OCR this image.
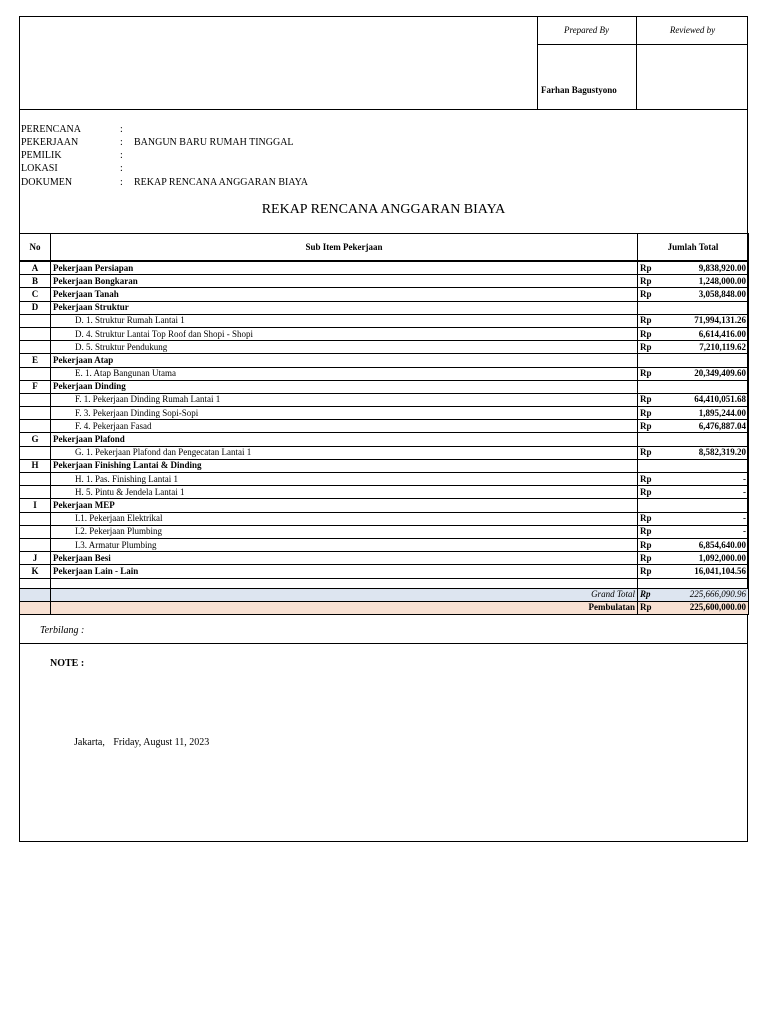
Prepared By	Reviewed by
Farhan Bagustyono
PERENCANA	:
PEKERJAAN	: BANGUN BARU RUMAH TINGGAL
PEMILIK	:
LOKASI	:
DOKUMEN	: REKAP RENCANA ANGGARAN BIAYA
REKAP RENCANA ANGGARAN BIAYA
No	Sub Item Pekerjaan	Jumlah Total	
A	Pekerjaan Persiapan	Rp	9,838,920.00
B	Pekerjaan Bongkaran	Rp	1,248,000.00
C	Pekerjaan Tanah	Rp	3,058,848.00
D	Pekerjaan Struktur		
	D. 1. Struktur Rumah Lantai 1	Rp	71,994,131.26
	D. 4. Struktur Lantai Top Roof dan Shopi - Shopi	Rp	6,614,416.00
	D. 5. Struktur Pendukung	Rp	7,210,119.62
E	Pekerjaan Atap		
	E. 1. Atap Bangunan Utama	Rp	20,349,409.60
F	Pekerjaan Dinding		
	F. 1. Pekerjaan Dinding Rumah Lantai 1	Rp	64,410,051.68
	F. 3. Pekerjaan Dinding Sopi-Sopi	Rp	1,895,244.00
	F. 4. Pekerjaan Fasad	Rp	6,476,887.04
G	Pekerjaan Plafond		
	G. 1. Pekerjaan Plafond dan Pengecatan Lantai 1	Rp	8,582,319.20
H	Pekerjaan Finishing Lantai & Dinding		
	H. 1. Pas. Finishing Lantai 1	Rp	-
	H. 5. Pintu & Jendela Lantai 1	Rp	-
I	Pekerjaan MEP		
	I.1. Pekerjaan Elektrikal	Rp	-
	I.2. Pekerjaan Plumbing	Rp	-
	I.3. Armatur Plumbing	Rp	6,854,640.00
J	Pekerjaan Besi	Rp	1,092,000.00
K	Pekerjaan Lain - Lain	Rp	16,041,104.56

	Grand Total	Rp	225,666,090.96
	Pembulatan	Rp	225,600,000.00
Terbilang :
NOTE :
Jakarta, Friday, August 11, 2023
